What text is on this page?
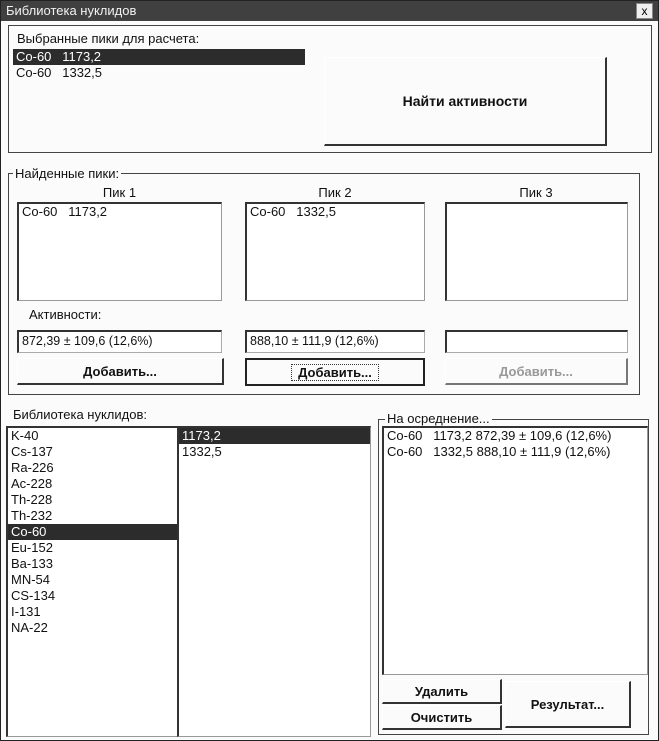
Библиотека нуклидов	x
Выбранные пики для расчета:
Co-60   1173,2
Co-60   1332,5
Найти активности
Найденные пики:
Пик 1	Пик 2	Пик 3
Co-60   1173,2	Co-60   1332,5
Активности:
872,39 ± 109,6 (12,6%)	888,10 ± 111,9 (12,6%)
Добавить...	Добавить...	Добавить...
Библиотека нуклидов:
K-40
Cs-137
Ra-226
Ac-228
Th-228
Th-232
Co-60
Eu-152
Ba-133
MN-54
CS-134
I-131
NA-22
1173,2
1332,5
На осреднение...
Co-60   1173,2 872,39 ± 109,6 (12,6%)
Co-60   1332,5 888,10 ± 111,9 (12,6%)
Удалить
Очистить
Результат...
